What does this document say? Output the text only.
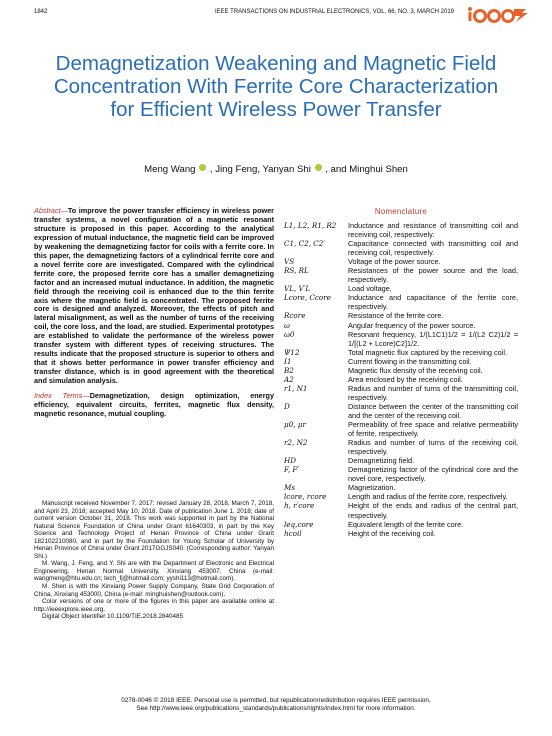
1842	IEEE TRANSACTIONS ON INDUSTRIAL ELECTRONICS, VOL. 66, NO. 3, MARCH 2019
Demagnetization Weakening and Magnetic Field Concentration With Ferrite Core Characterization for Efficient Wireless Power Transfer
Meng Wang , Jing Feng, Yanyan Shi , and Minghui Shen

Abstract—To improve the power transfer efficiency in wireless power transfer systems, a novel configuration of a magnetic resonant structure is proposed in this paper. According to the analytical expression of mutual inductance, the magnetic field can be improved by weakening the demagnetizing factor for coils with a ferrite core. In this paper, the demagnetizing factors of a cylindrical ferrite core and a novel ferrite core are investigated. Compared with the cylindrical ferrite core, the proposed ferrite core has a smaller demagnetizing factor and an increased mutual inductance. In addition, the magnetic field through the receiving coil is enhanced due to the thin ferrite axis where the magnetic field is concentrated. The proposed ferrite core is designed and analyzed. Moreover, the effects of pitch and lateral misalignment, as well as the number of turns of the receiving coil, the core loss, and the load, are studied. Experimental prototypes are established to validate the performance of the wireless power transfer system with different types of receiving structures. The results indicate that the proposed structure is superior to others and that it shows better performance in power transfer efficiency and transfer distance, which is in good agreement with the theoretical and simulation analysis.

Index Terms—Demagnetization, design optimization, energy efficiency, equivalent circuits, ferrites, magnetic flux density, magnetic resonance, mutual coupling.

Manuscript received November 7, 2017; revised January 28, 2018, March 7, 2018, and April 23, 2018; accepted May 10, 2018. Date of publication June 1, 2018; date of current version October 31, 2018. This work was supported in part by the National Natural Science Foundation of China under Grant 61640303, in part by the Key Science and Technology Project of Henan Province of China under Grant 182102210080, and in part by the Foundation for Young Scholar of University by Henan Province of China under Grant 2017GGJS040. (Corresponding author: Yanyan Shi.)

M. Wang, J. Feng, and Y. Shi are with the Department of Electronic and Electrical Engineering, Henan Normal University, Xinxiang 453007, China (e-mail: wangmeng@htu.edu.cn; tech_fj@hotmail.com; yyshi113@hotmail.com).

M. Shen is with the Xinxiang Power Supply Company, State Grid Corporation of China, Xinxiang 453000, China (e-mail: minghuishen@outlook.com).

Color versions of one or more of the figures in this paper are available online at http://ieeexplore.ieee.org.

Digital Object Identifier 10.1109/TIE.2018.2840485

Nomenclature
L1, L2, R1, R2	Inductance and resistance of transmitting coil and receiving coil, respectively.
C1, C2, C2′	Capacitance connected with transmitting coil and receiving coil, respectively.
VS	Voltage of the power source.
RS, RL	Resistances of the power source and the load, respectively.
VL, V′L	Load voltage.
Lcore, Ccore	Inductance and capacitance of the ferrite core, respectively.
Rcore	Resistance of the ferrite core.
ω	Angular frequency of the power source.
ω0	Resonant frequency, 1/(L1C1)1/2 = 1/(L2 C2)1/2 = 1/[(L2 + Lcore)C2]1/2.
Ψ12	Total magnetic flux captured by the receiving coil.
I1	Current flowing in the transmitting coil.
B2	Magnetic flux density of the receiving coil.
A2	Area enclosed by the receiving coil.
r1, N1	Radius and number of turns of the transmitting coil, respectively.
D	Distance between the center of the transmitting coil and the center of the receiving coil.
μ0, μr	Permeability of free space and relative permeability of ferrite, respectively.
r2, N2	Radius and number of turns of the receiving coil, respectively.
HD	Demagnetizing field.
F, F′	Demagnetizing factor of the cylindrical core and the novel core, respectively.
Ms	Magnetization.
lcore, rcore	Length and radius of the ferrite core, respectively.
h, r′core	Height of the ends and radius of the central part, respectively.
leq,core	Equivalent length of the ferrite core.
hcoil	Height of the receiving coil.
0278-0046 © 2018 IEEE. Personal use is permitted, but republication/redistribution requires IEEE permission.
See http://www.ieee.org/publications_standards/publications/rights/index.html for more information.
